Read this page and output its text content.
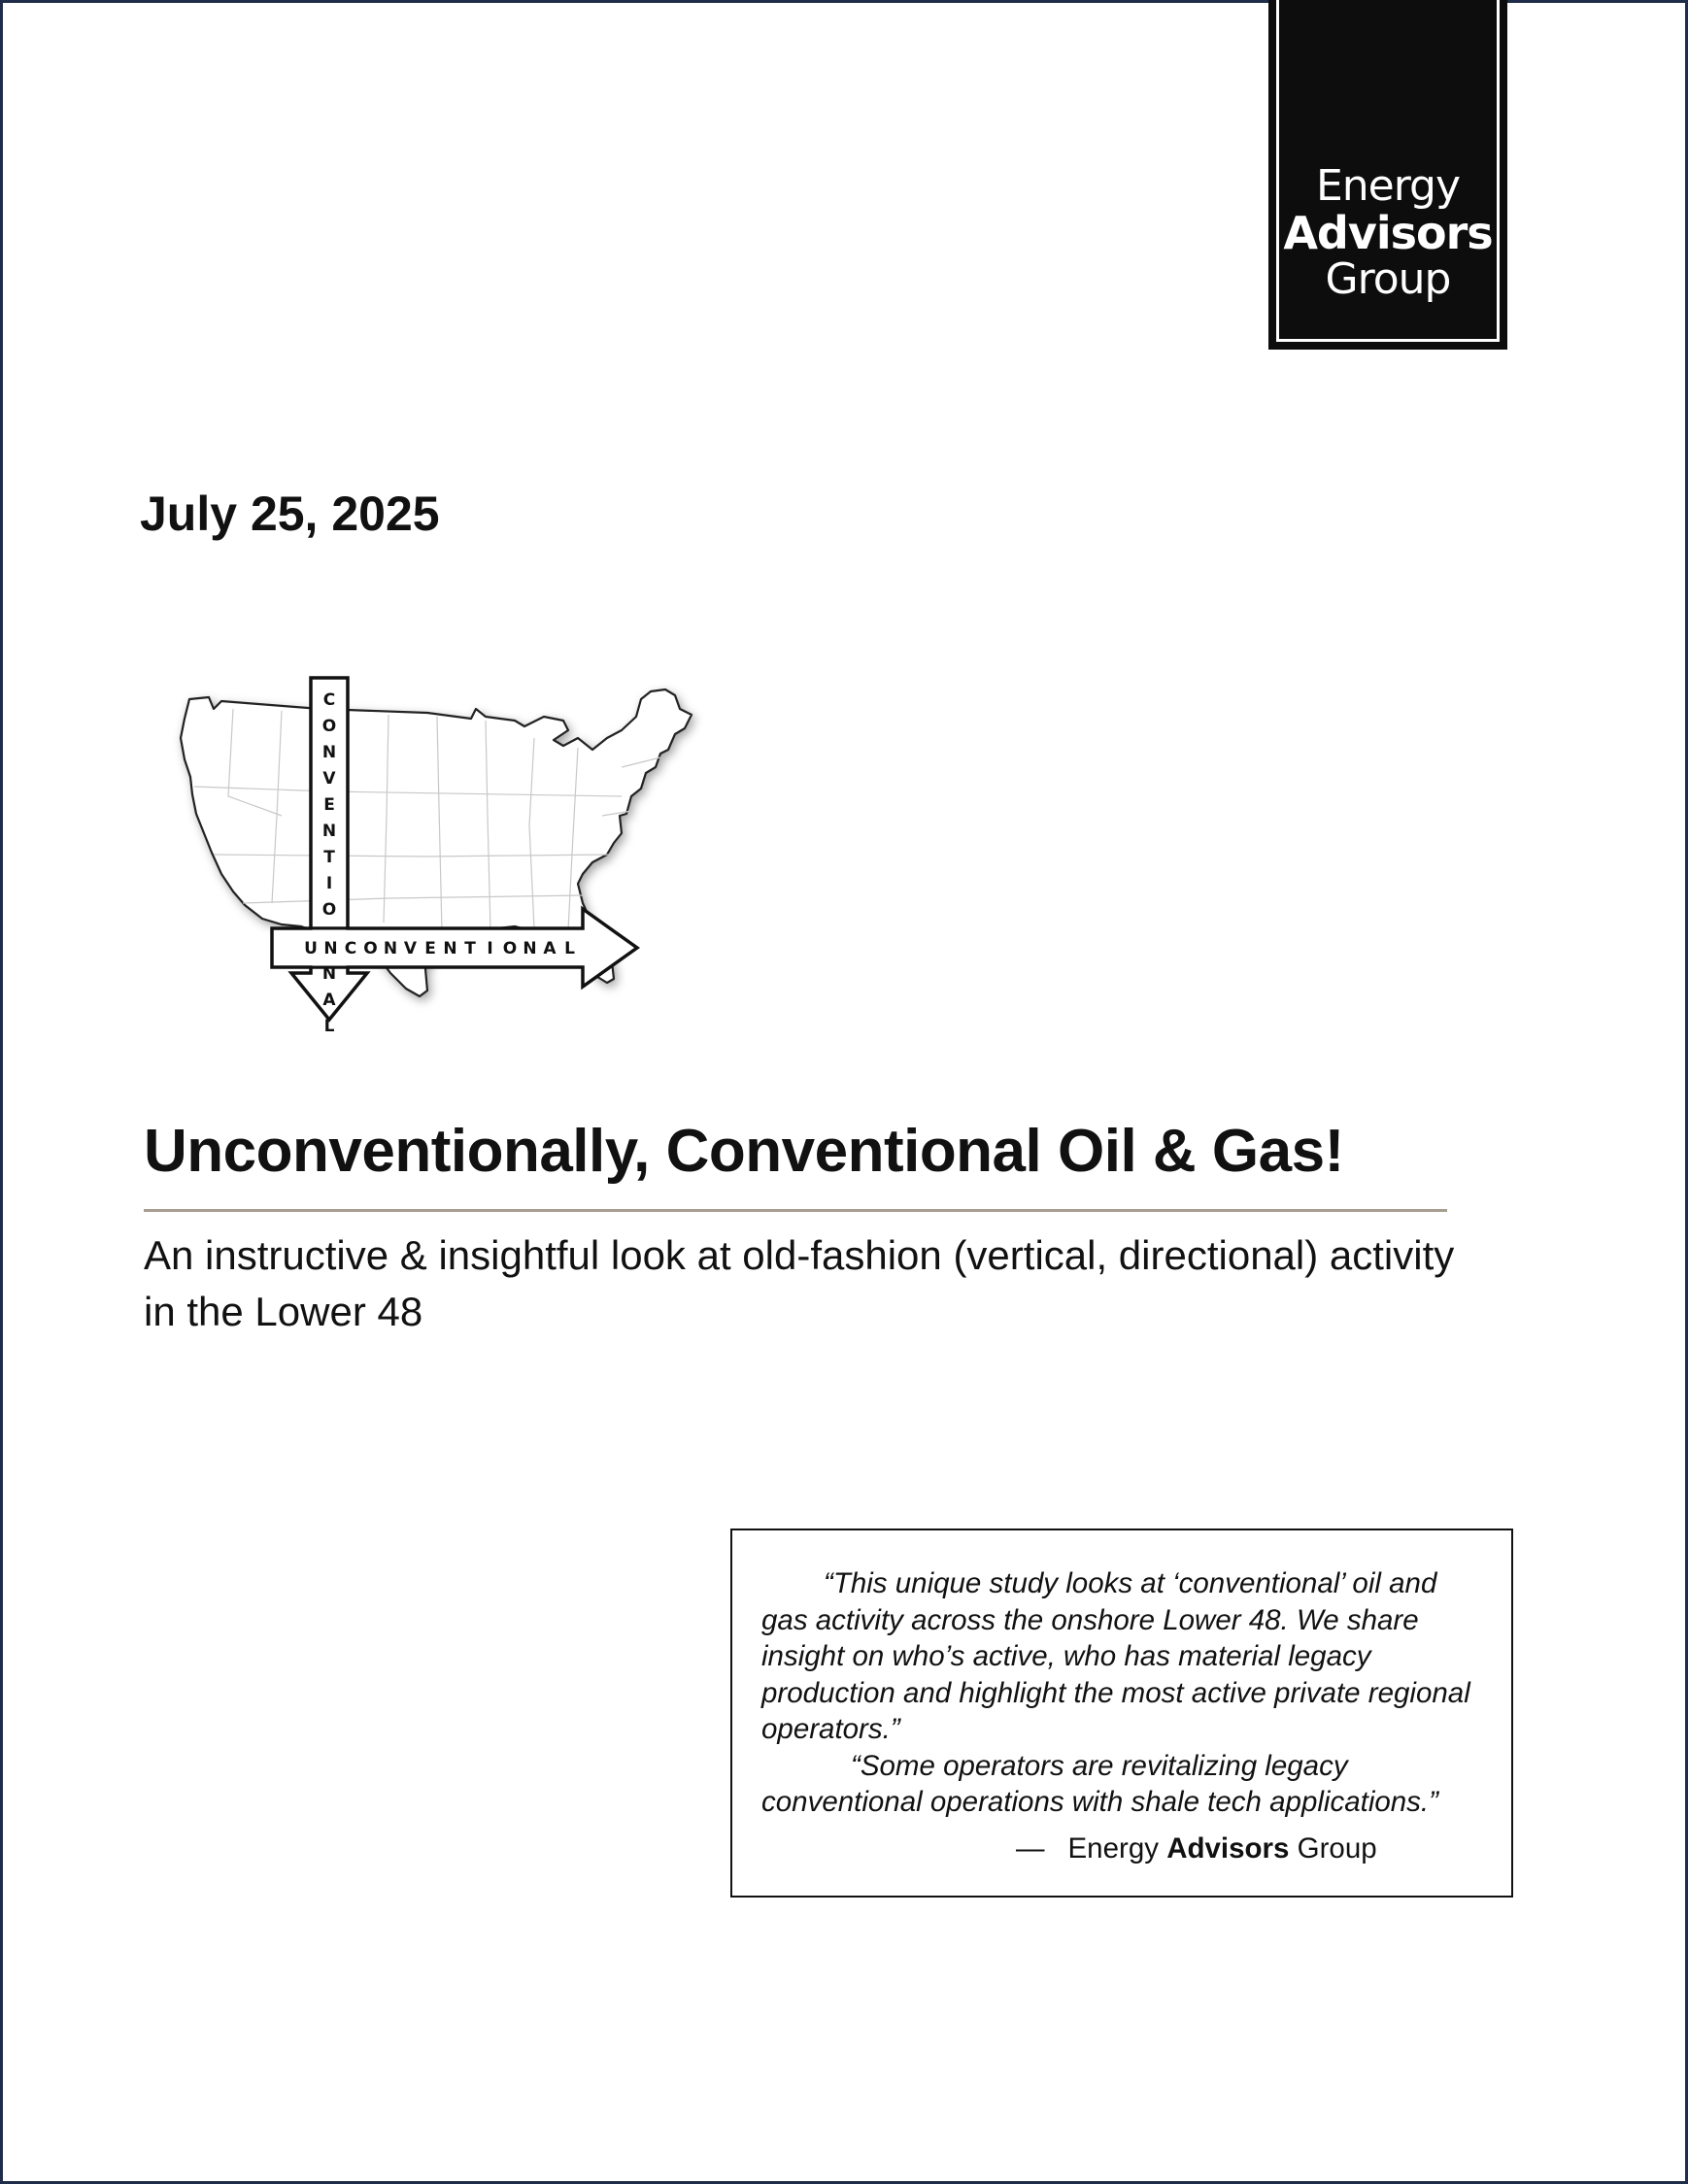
Energy
Advisors
Group
July 25, 2025
C
O
N
V
E
N
T
I
O
N
A
L
U N C O N V E N T I O N A L
Unconventionally, Conventional Oil & Gas!
An instructive & insightful look at old-fashion (vertical, directional) activity in the Lower 48

“This unique study looks at ‘conventional’ oil and gas activity across the onshore Lower 48. We share insight on who’s active, who has material legacy production and highlight the most active private regional operators.”

“Some operators are revitalizing legacy conventional operations with shale tech applications.”

— Energy Advisors Group
